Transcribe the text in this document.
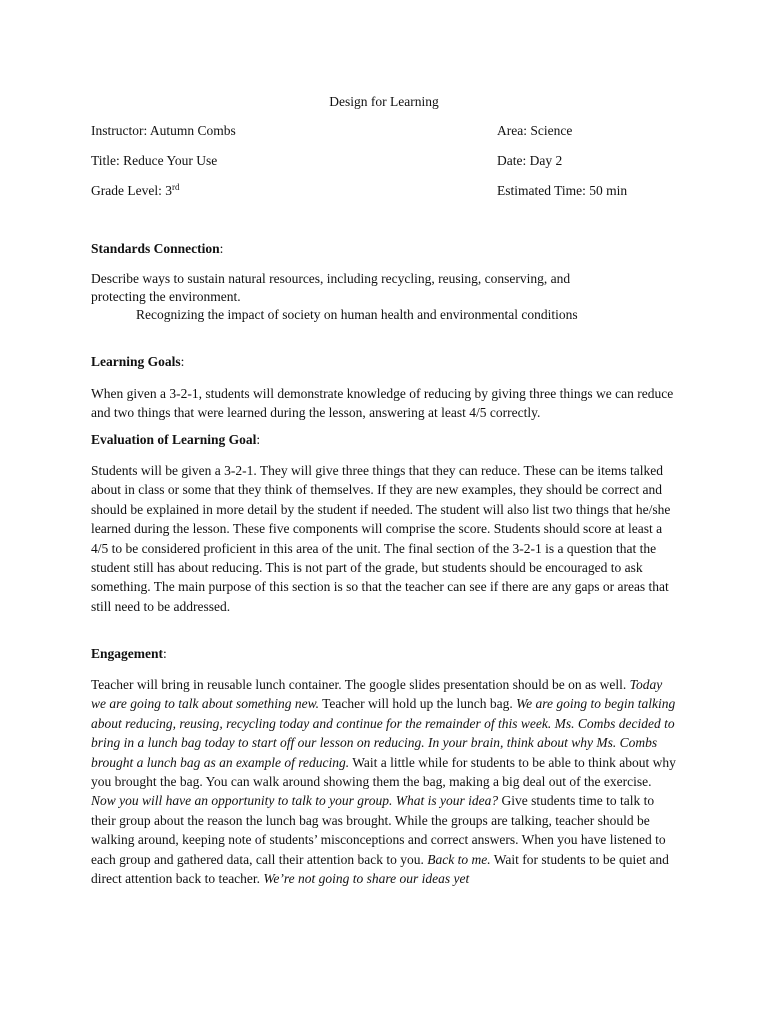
Design for Learning
Instructor: Autumn Combs	Area: Science
Title: Reduce Your Use	Date: Day 2
Grade Level: 3rd	Estimated Time: 50 min
Standards Connection:
Describe ways to sustain natural resources, including recycling, reusing, conserving, and
protecting the environment.
Recognizing the impact of society on human health and environmental conditions
Learning Goals:
When given a 3-2-1, students will demonstrate knowledge of reducing by giving three things we can reduce and two things that were learned during the lesson, answering at least 4/5 correctly.
Evaluation of Learning Goal:
Students will be given a 3-2-1. They will give three things that they can reduce. These can be items talked about in class or some that they think of themselves. If they are new examples, they should be correct and should be explained in more detail by the student if needed. The student will also list two things that he/she learned during the lesson. These five components will comprise the score. Students should score at least a 4/5 to be considered proficient in this area of the unit. The final section of the 3-2-1 is a question that the student still has about reducing. This is not part of the grade, but students should be encouraged to ask something. The main purpose of this section is so that the teacher can see if there are any gaps or areas that still need to be addressed.
Engagement:
Teacher will bring in reusable lunch container. The google slides presentation should be on as well. Today we are going to talk about something new. Teacher will hold up the lunch bag. We are going to begin talking about reducing, reusing, recycling today and continue for the remainder of this week. Ms. Combs decided to bring in a lunch bag today to start off our lesson on reducing. In your brain, think about why Ms. Combs brought a lunch bag as an example of reducing. Wait a little while for students to be able to think about why you brought the bag. You can walk around showing them the bag, making a big deal out of the exercise. Now you will have an opportunity to talk to your group. What is your idea? Give students time to talk to their group about the reason the lunch bag was brought. While the groups are talking, teacher should be walking around, keeping note of students’ misconceptions and correct answers. When you have listened to each group and gathered data, call their attention back to you. Back to me. Wait for students to be quiet and direct attention back to teacher. We’re not going to share our ideas yet
